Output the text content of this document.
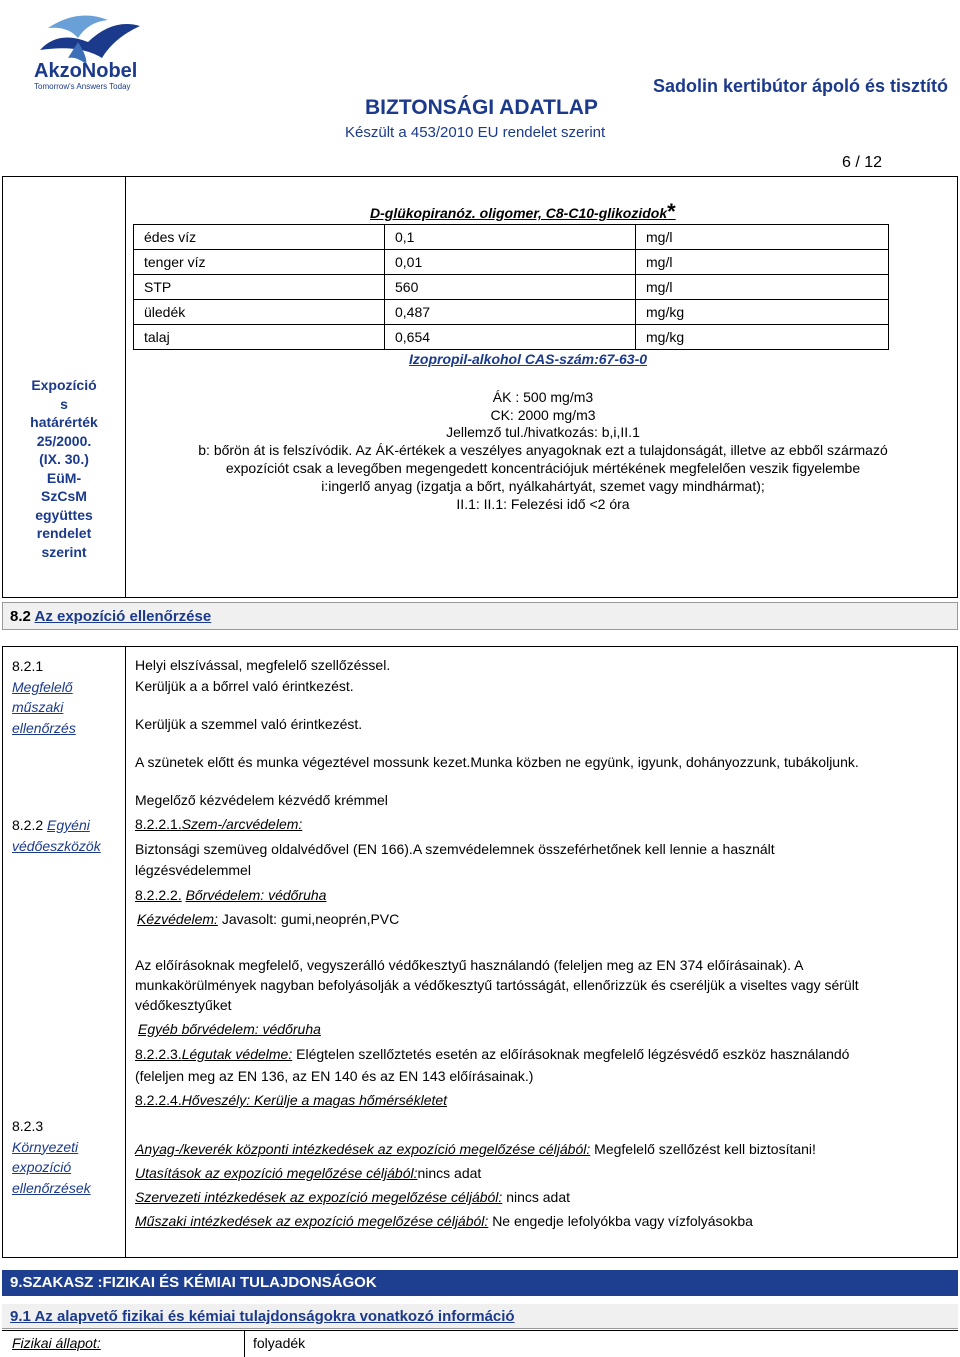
AkzoNobel
Tomorrow's Answers Today	Sadolin kertibútor ápoló és tisztító
BIZTONSÁGI ADATLAP
Készült a 453/2010 EU rendelet szerint
6 / 12
Expozíció
s
határérték
25/2000.
(IX. 30.)
EüM-
SzCsM
együttes
rendelet
szerint
D-glükopiranóz. oligomer, C8-C10-glikozidok*
édes víz	0,1	mg/l
tenger víz	0,01	mg/l
STP	560	mg/l
üledék	0,487	mg/kg
talaj	0,654	mg/kg
Izopropil-alkohol CAS-szám:67-63-0
ÁK : 500 mg/m3
CK: 2000 mg/m3
Jellemző tul./hivatkozás: b,i,II.1
b: bőrön át is felszívódik. Az ÁK-értékek a veszélyes anyagoknak ezt a tulajdonságát, illetve az ebből származó
expozíciót csak a levegőben megengedett koncentrációjuk mértékének megfelelően veszik figyelembe
i:ingerlő anyag (izgatja a bőrt, nyálkahártyát, szemet vagy mindhármat);
II.1: II.1: Felezési idő <2 óra
8.2 Az expozíció ellenőrzése
8.2.1
Megfelelő
műszaki
ellenőrzés
Helyi elszívással, megfelelő szellőzéssel.
Kerüljük a a bőrrel való érintkezést.
Kerüljük a szemmel való érintkezést.
A szünetek előtt és munka végeztével mossunk kezet.Munka közben ne együnk, igyunk, dohányozzunk, tubákoljunk.
Megelőző kézvédelem kézvédő krémmel
8.2.2 Egyéni
védőeszközök
8.2.2.1.Szem-/arcvédelem:
Biztonsági szemüveg oldalvédővel (EN 166).A szemvédelemnek összeférhetőnek kell lennie a használt
légzésvédelemmel
8.2.2.2. Bőrvédelem: védőruha
Kézvédelem: Javasolt: gumi,neoprén,PVC
Az előírásoknak megfelelő, vegyszerálló védőkesztyű használandó (feleljen meg az EN 374 előírásainak). A
munkakörülmények nagyban befolyásolják a védőkesztyű tartósságát, ellenőrizzük és cseréljük a viseltes vagy sérült
védőkesztyűket
Egyéb bőrvédelem: védőruha
8.2.2.3.Légutak védelme: Elégtelen szellőztetés esetén az előírásoknak megfelelő légzésvédő eszköz használandó
(feleljen meg az EN 136, az EN 140 és az EN 143 előírásainak.)
8.2.2.4.Hőveszély: Kerülje a magas hőmérsékletet
8.2.3
Környezeti
expozíció
ellenőrzések
Anyag-/keverék központi intézkedések az expozíció megelőzése céljából: Megfelelő szellőzést kell biztosítani!
Utasítások az expozíció megelőzése céljából:nincs adat
Szervezeti intézkedések az expozíció megelőzése céljából: nincs adat
Műszaki intézkedések az expozíció megelőzése céljából: Ne engedje lefolyókba vagy vízfolyásokba
9.SZAKASZ :FIZIKAI ÉS KÉMIAI TULAJDONSÁGOK
9.1 Az alapvető fizikai és kémiai tulajdonságokra vonatkozó információ
Fizikai állapot:	folyadék
